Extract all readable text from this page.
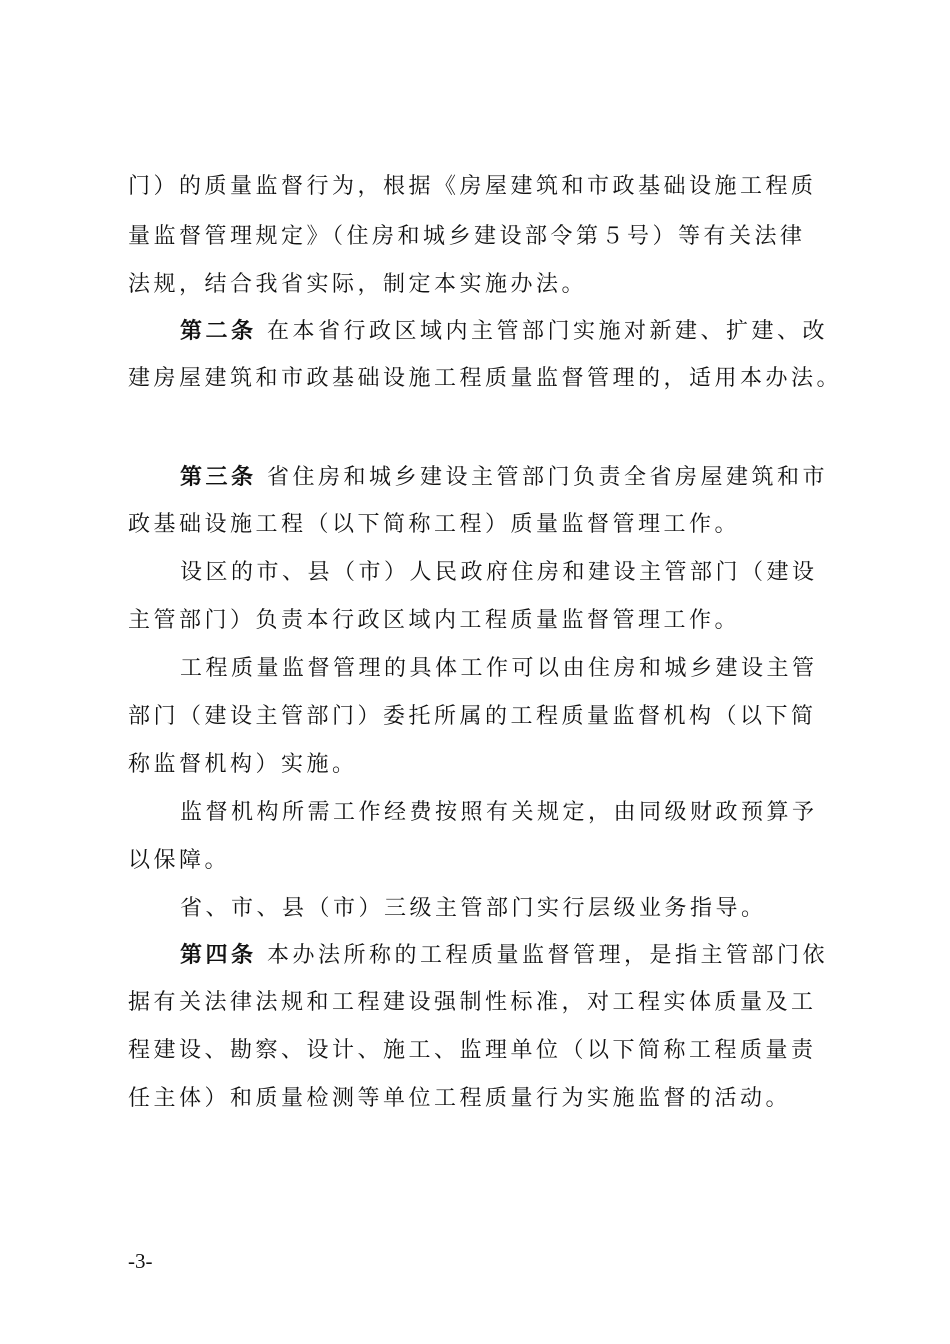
门）的质量监督行为，根据《房屋建筑和市政基础设施工程质
量监督管理规定》（住房和城乡建设部令第５号）等有关法律
法规，结合我省实际，制定本实施办法。
第二条 在本省行政区域内主管部门实施对新建、扩建、改
建房屋建筑和市政基础设施工程质量监督管理的，适用本办法。
第三条 省住房和城乡建设主管部门负责全省房屋建筑和市
政基础设施工程（以下简称工程）质量监督管理工作。
设区的市、县（市）人民政府住房和建设主管部门（建设
主管部门）负责本行政区域内工程质量监督管理工作。
工程质量监督管理的具体工作可以由住房和城乡建设主管
部门（建设主管部门）委托所属的工程质量监督机构（以下简
称监督机构）实施。
监督机构所需工作经费按照有关规定，由同级财政预算予
以保障。
省、市、县（市）三级主管部门实行层级业务指导。
第四条 本办法所称的工程质量监督管理，是指主管部门依
据有关法律法规和工程建设强制性标准，对工程实体质量及工
程建设、勘察、设计、施工、监理单位（以下简称工程质量责
任主体）和质量检测等单位工程质量行为实施监督的活动。
-3-
